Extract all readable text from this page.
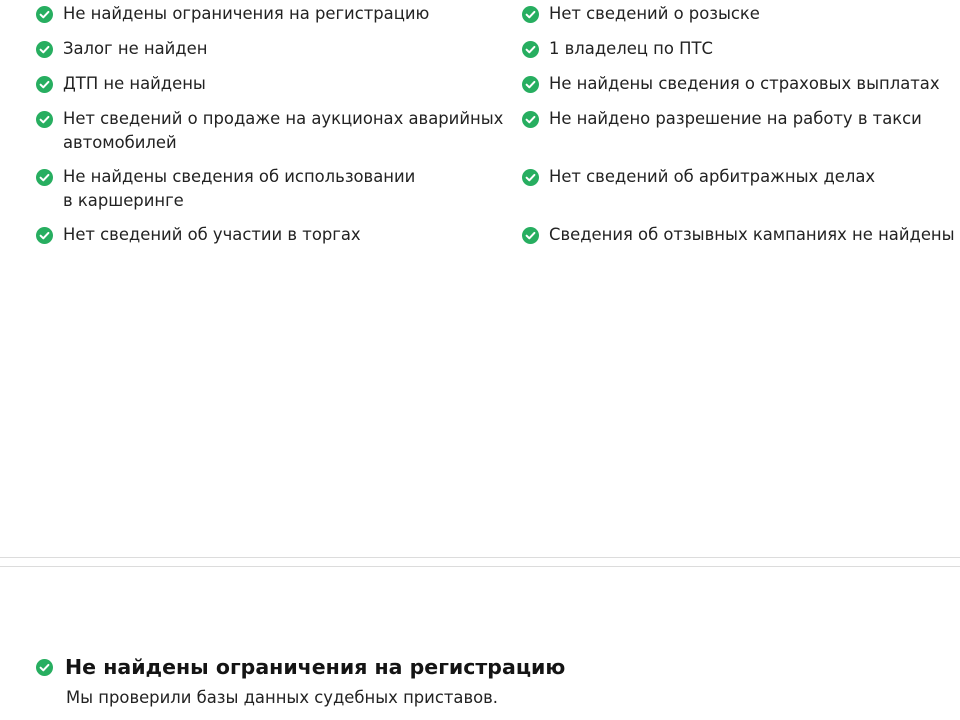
Не найдены ограничения на регистрацию
Залог не найден
ДТП не найдены
Нет сведений о продаже на аукционах аварийных
автомобилей
Не найдены сведения об использовании
в каршеринге
Нет сведений об участии в торгах
Нет сведений о розыске
1 владелец по ПТС
Не найдены сведения о страховых выплатах
Не найдено разрешение на работу в такси
Нет сведений об арбитражных делах
Сведения об отзывных кампаниях не найдены
Не найдены ограничения на регистрацию
Мы проверили базы данных судебных приставов.
